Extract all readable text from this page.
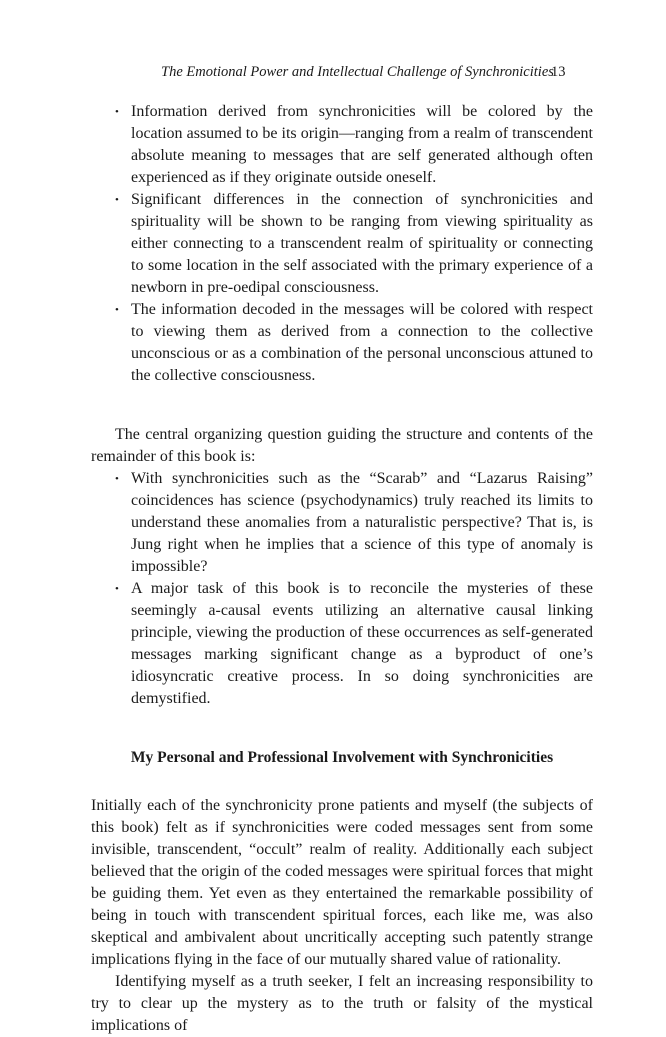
The Emotional Power and Intellectual Challenge of Synchronicities
13
• Information derived from synchronicities will be colored by the location assumed to be its origin—ranging from a realm of transcendent absolute meaning to messages that are self generated although often experienced as if they originate outside oneself.
• Significant differences in the connection of synchronicities and spirituality will be shown to be ranging from viewing spirituality as either connecting to a transcendent realm of spirituality or connecting to some location in the self associated with the primary experience of a newborn in pre-oedipal consciousness.
• The information decoded in the messages will be colored with respect to viewing them as derived from a connection to the collective unconscious or as a combination of the personal unconscious attuned to the collective consciousness.

The central organizing question guiding the structure and contents of the remainder of this book is:

• With synchronicities such as the “Scarab” and “Lazarus Raising” coincidences has science (psychodynamics) truly reached its limits to understand these anomalies from a naturalistic perspective? That is, is Jung right when he implies that a science of this type of anomaly is impossible?
• A major task of this book is to reconcile the mysteries of these seemingly a-causal events utilizing an alternative causal linking principle, viewing the production of these occurrences as self-generated messages marking significant change as a byproduct of one’s idiosyncratic creative process. In so doing synchronicities are demystified.

My Personal and Professional Involvement with Synchronicities

Initially each of the synchronicity prone patients and myself (the subjects of this book) felt as if synchronicities were coded messages sent from some invisible, transcendent, “occult” realm of reality. Additionally each subject believed that the origin of the coded messages were spiritual forces that might be guiding them. Yet even as they entertained the remarkable possibility of being in touch with transcendent spiritual forces, each like me, was also skeptical and ambivalent about uncritically accepting such patently strange implications flying in the face of our mutually shared value of rationality.

Identifying myself as a truth seeker, I felt an increasing responsibility to try to clear up the mystery as to the truth or falsity of the mystical implications of
